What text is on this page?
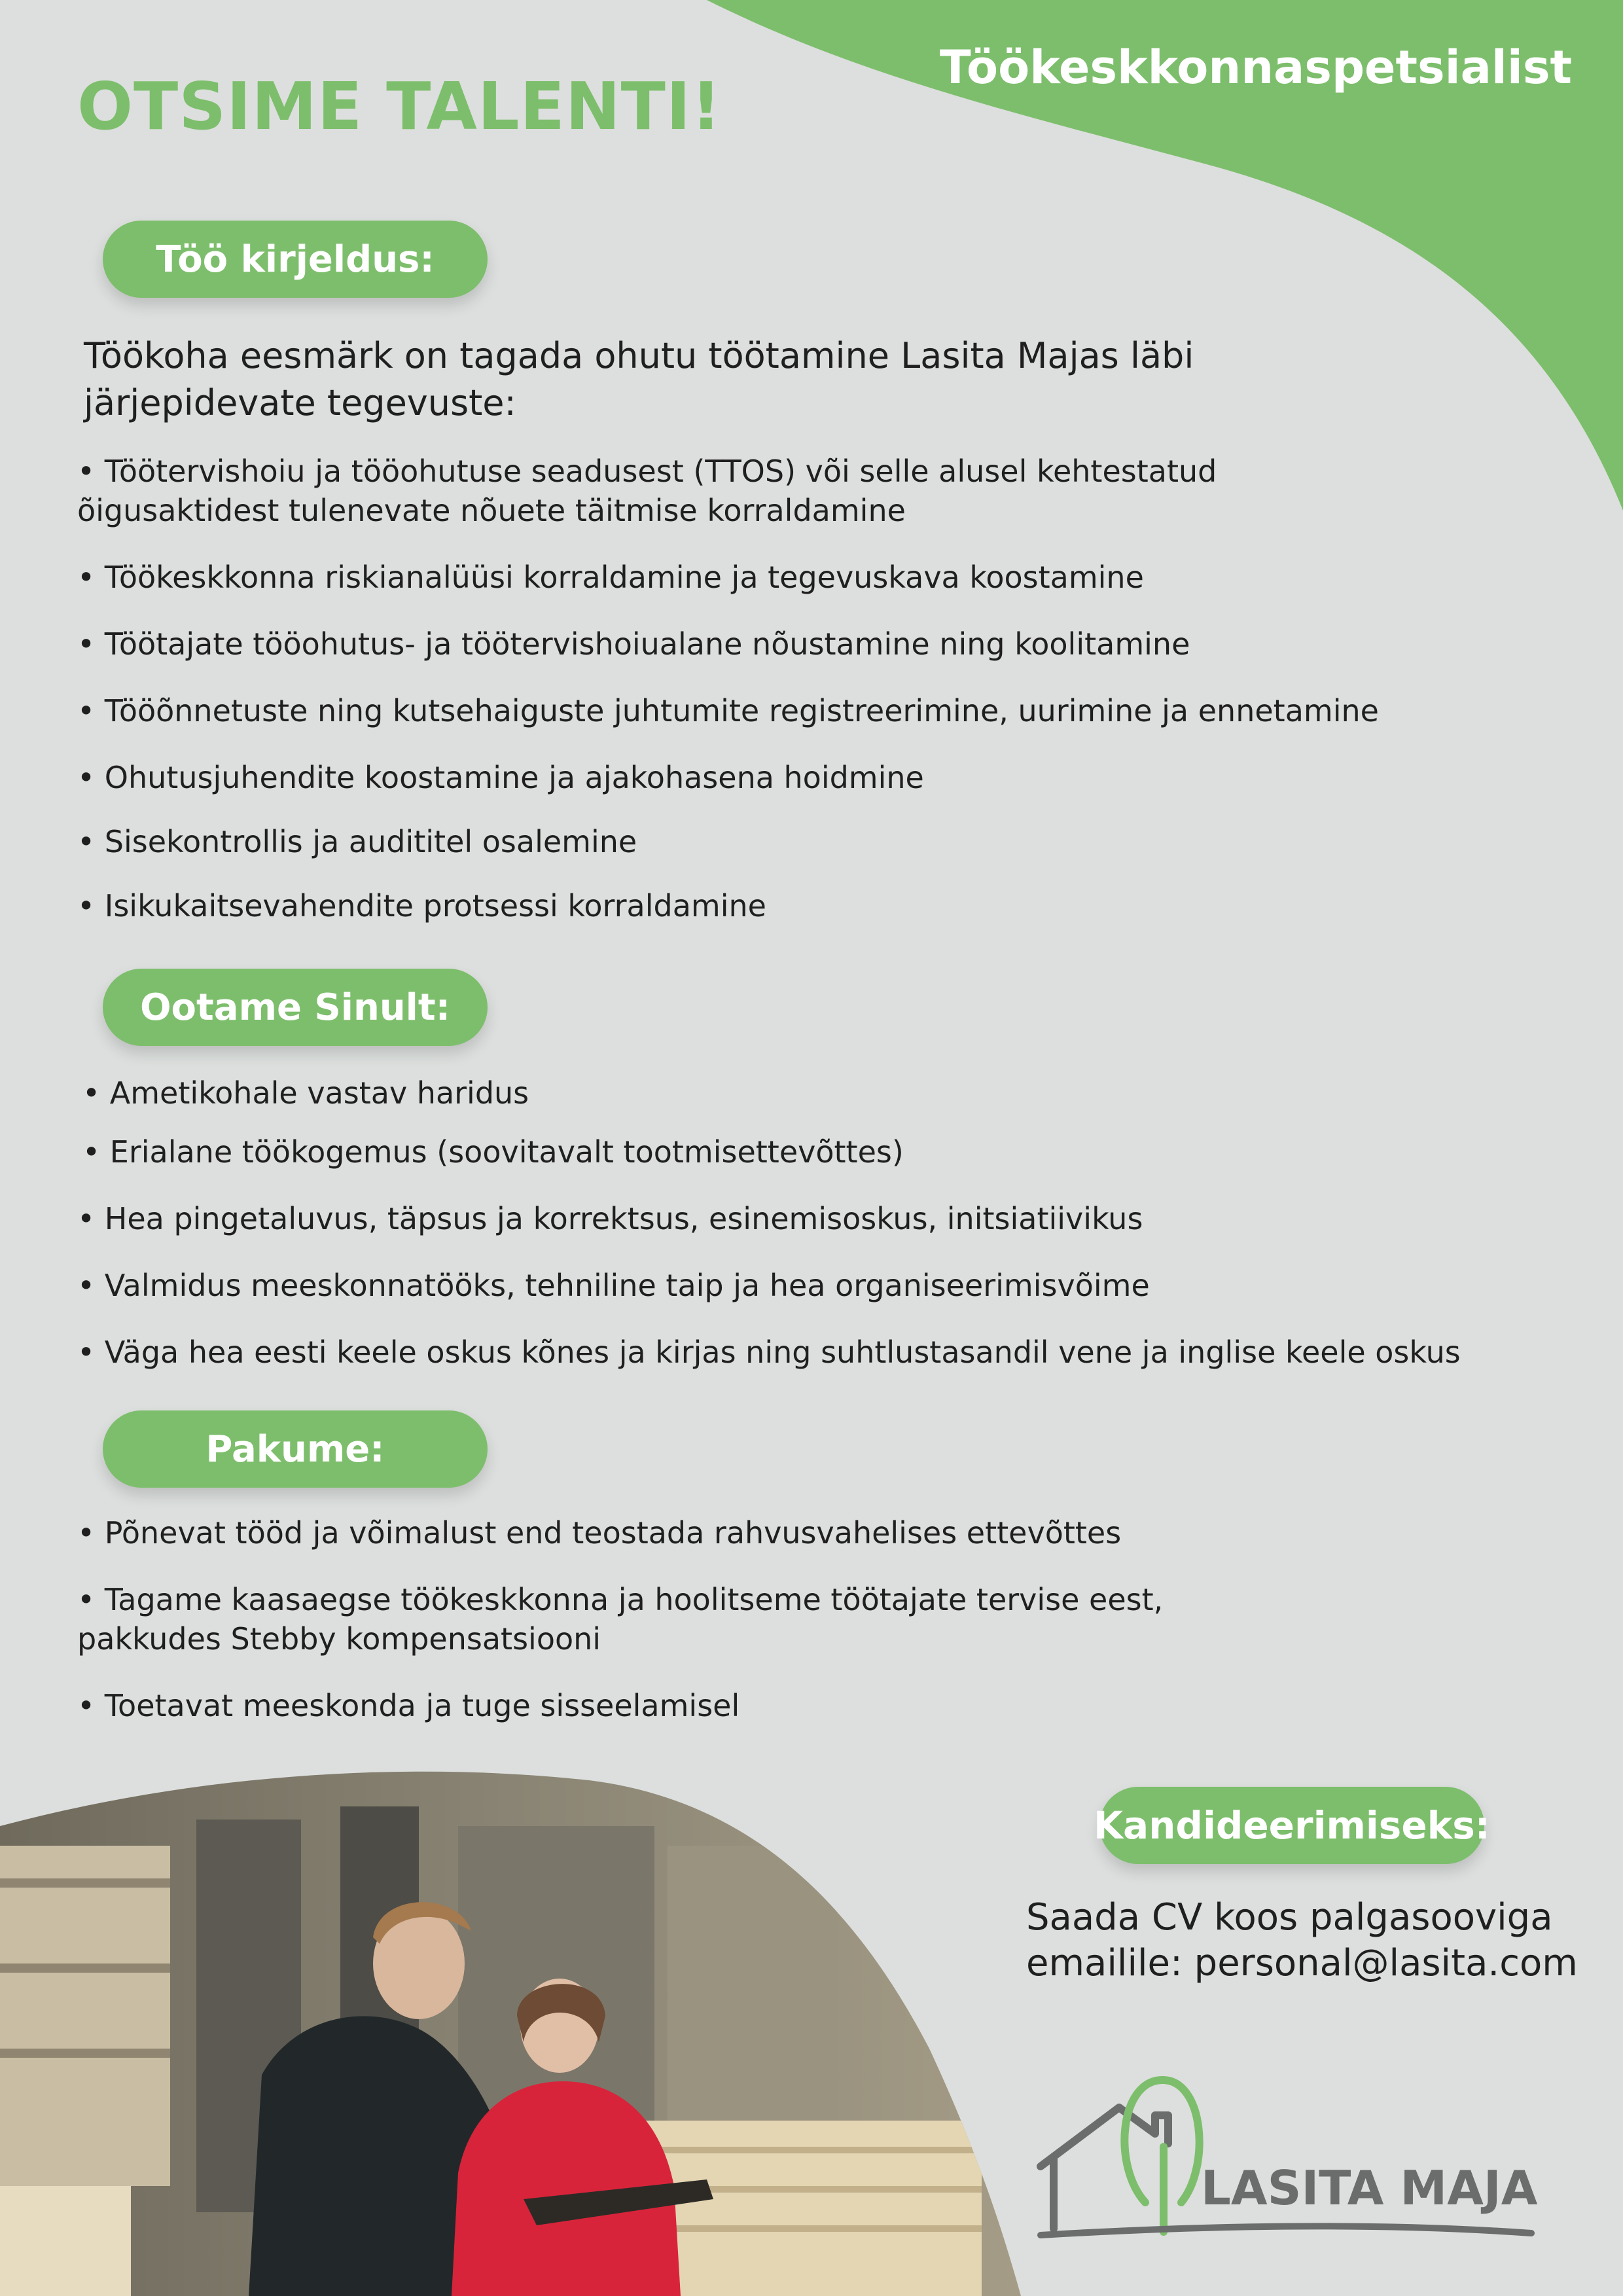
OTSIME TALENTI!
Töökeskkonnaspetsialist
Töö kirjeldus:

Töökoha eesmärk on tagada ohutu töötamine Lasita Majas läbi
järjepidevate tegevuste:

• Töötervishoiu ja tööohutuse seadusest (TTOS) või selle alusel kehtestatud
õigusaktidest tulenevate nõuete täitmise korraldamine
• Töökeskkonna riskianalüüsi korraldamine ja tegevuskava koostamine
• Töötajate tööohutus- ja töötervishoiualane nõustamine ning koolitamine
• Tööõnnetuste ning kutsehaiguste juhtumite registreerimine, uurimine ja ennetamine
• Ohutusjuhendite koostamine ja ajakohasena hoidmine
• Sisekontrollis ja audititel osalemine
• Isikukaitsevahendite protsessi korraldamine
Ootame Sinult:
• Ametikohale vastav haridus
• Erialane töökogemus (soovitavalt tootmisettevõttes)
• Hea pingetaluvus, täpsus ja korrektsus, esinemisoskus, initsiatiivikus
• Valmidus meeskonnatööks, tehniline taip ja hea organiseerimisvõime
• Väga hea eesti keele oskus kõnes ja kirjas ning suhtlustasandil vene ja inglise keele oskus
Pakume:
• Põnevat tööd ja võimalust end teostada rahvusvahelises ettevõttes
• Tagame kaasaegse töökeskkonna ja hoolitseme töötajate tervise eest,
pakkudes Stebby kompensatsiooni
• Toetavat meeskonda ja tuge sisseelamisel
Kandideerimiseks:

Saada CV koos palgasooviga
emailile: personal@lasita.com

LASITA MAJA
